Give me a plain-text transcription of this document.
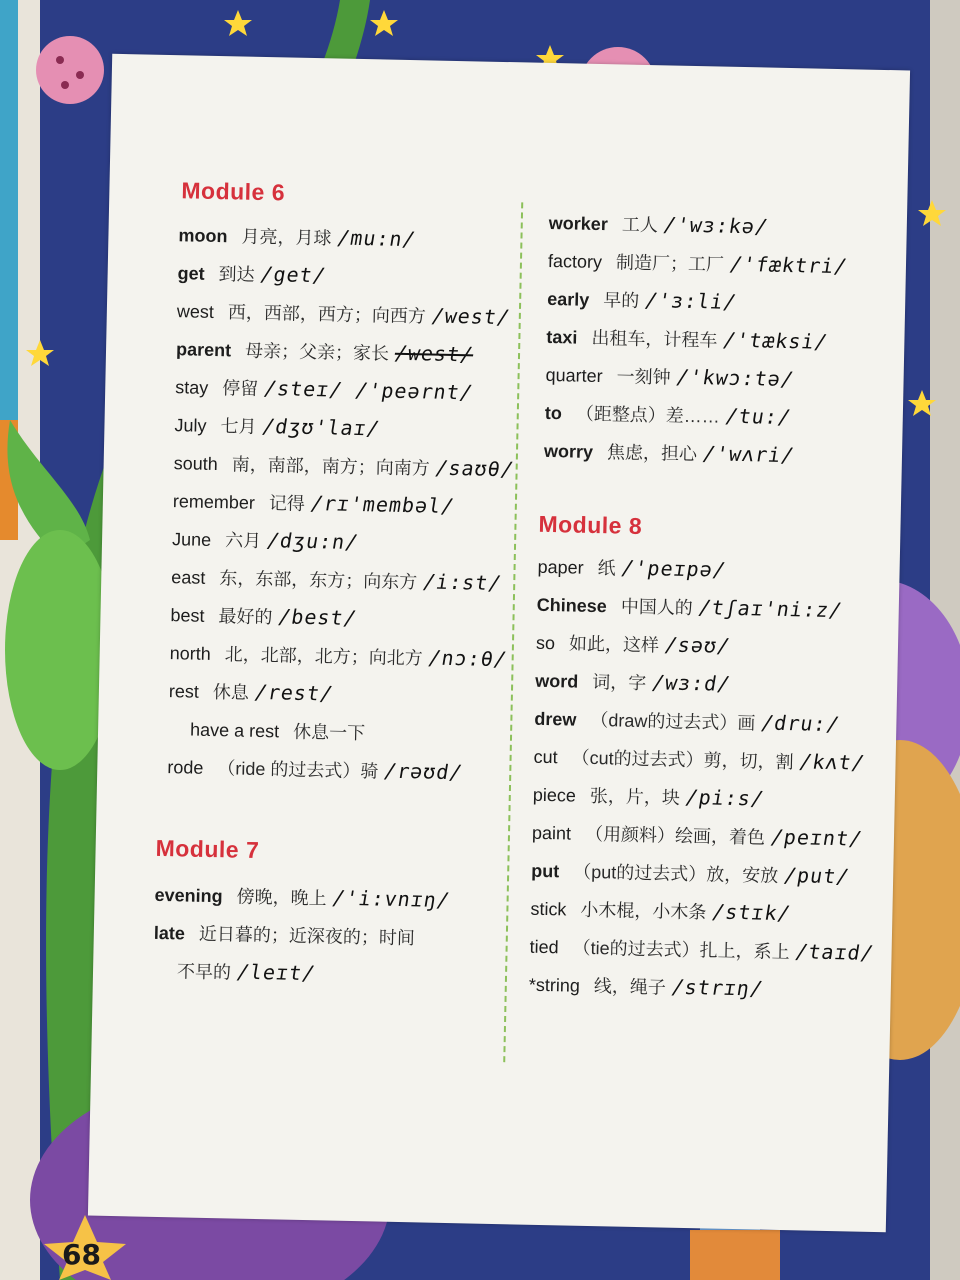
Module 6
moon 月亮，月球 /mu:n/
get 到达 /get/
west 西，西部，西方；向西方 /west/
parent 母亲；父亲；家长 /west/
stay 停留 /steɪ/ /'peərnt/
July 七月 /dʒʊ'laɪ/
south 南，南部，南方；向南方 /saʊθ/
remember 记得 /rɪ'membəl/
June 六月 /dʒu:n/
east 东，东部，东方；向东方 /i:st/
best 最好的 /best/
north 北，北部，北方；向北方 /nɔ:θ/
rest 休息 /rest/
have a rest 休息一下
rode （ride 的过去式）骑 /rəʊd/
Module 7
evening 傍晚，晚上 /'i:vnɪŋ/
late 近日暮的；近深夜的；时间
不早的 /leɪt/
worker 工人 /'wɜ:kə/
factory 制造厂；工厂 /'fæktri/
early 早的 /'ɜ:li/
taxi 出租车，计程车 /'tæksi/
quarter 一刻钟 /'kwɔ:tə/
to （距整点）差…… /tu:/
worry 焦虑，担心 /'wʌri/
Module 8
paper 纸 /'peɪpə/
Chinese 中国人的 /tʃaɪ'ni:z/
so 如此，这样 /səʊ/
word 词，字 /wɜ:d/
drew （draw的过去式）画 /dru:/
cut （cut的过去式）剪，切，割 /kʌt/
piece 张，片，块 /pi:s/
paint （用颜料）绘画，着色 /peɪnt/
put （put的过去式）放，安放 /put/
stick 小木棍，小木条 /stɪk/
tied （tie的过去式）扎上，系上 /taɪd/
*string 线，绳子 /strɪŋ/
68
